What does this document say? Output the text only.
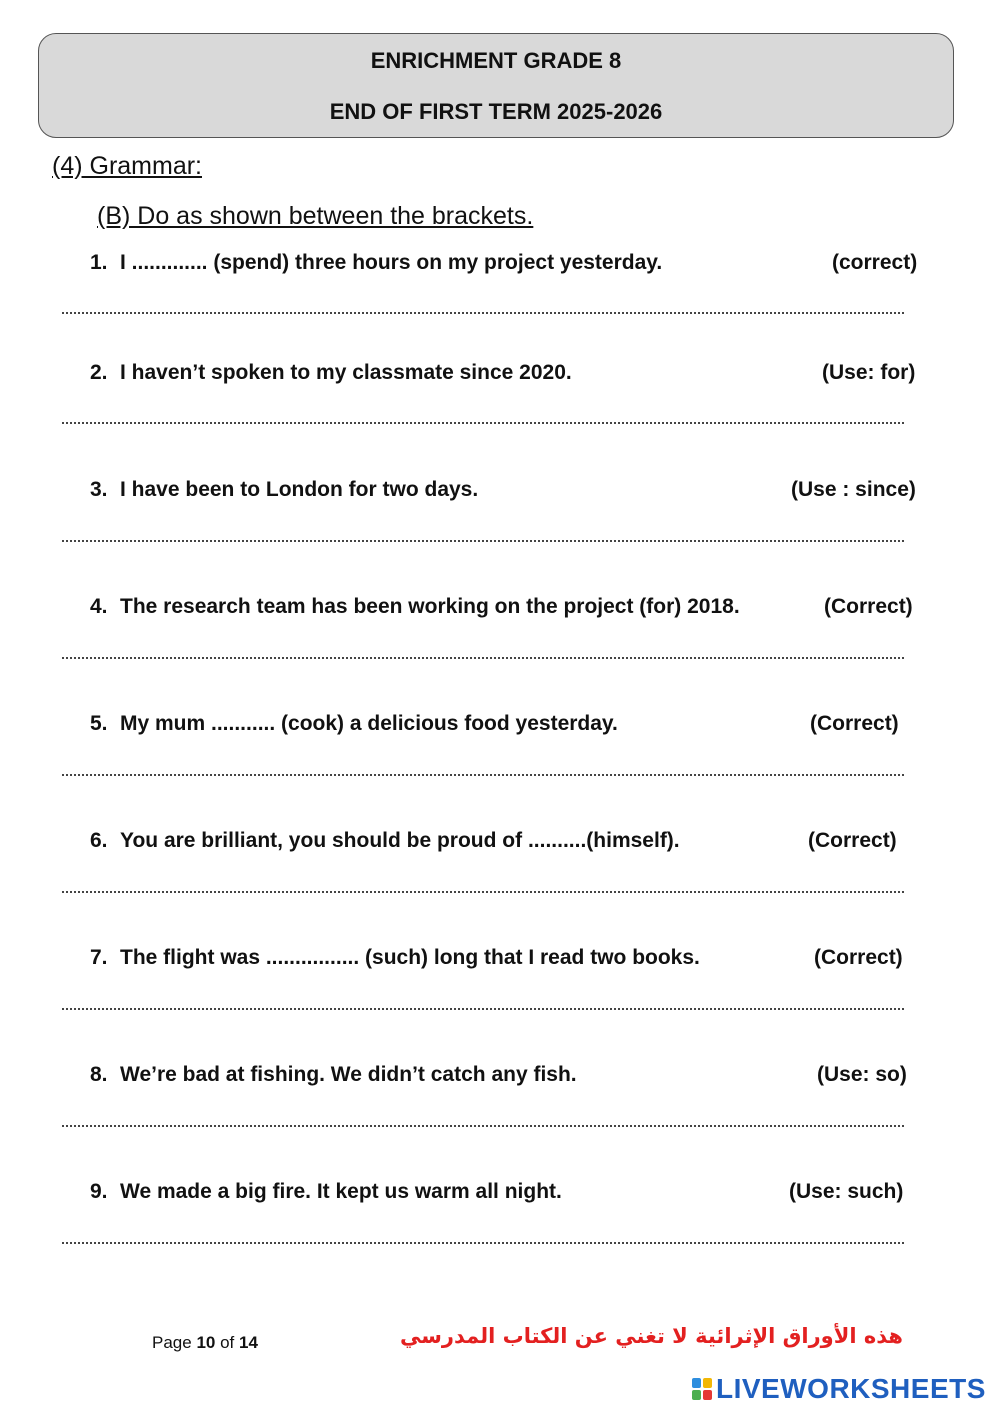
ENRICHMENT GRADE 8
END OF FIRST TERM 2025-2026
(4) Grammar:
(B) Do as shown between the brackets.
1. I ............. (spend) three hours on my project yesterday.	(correct)
2. I haven’t spoken to my classmate since 2020.	(Use: for)
3. I have been to London for two days.	(Use : since)
4. The research team has been working on the project (for) 2018.	(Correct)
5. My mum ........... (cook) a delicious food yesterday.	(Correct)
6. You are brilliant, you should be proud of ..........(himself).	(Correct)
7. The flight was ................ (such) long that I read two books.	(Correct)
8. We’re bad at fishing. We didn’t catch any fish.	(Use: so)
9. We made a big fire. It kept us warm all night.	(Use: such)
Page 10 of 14	هذه الأوراق الإثرائية لا تغني عن الكتاب المدرسي
LIVEWORKSHEETS
